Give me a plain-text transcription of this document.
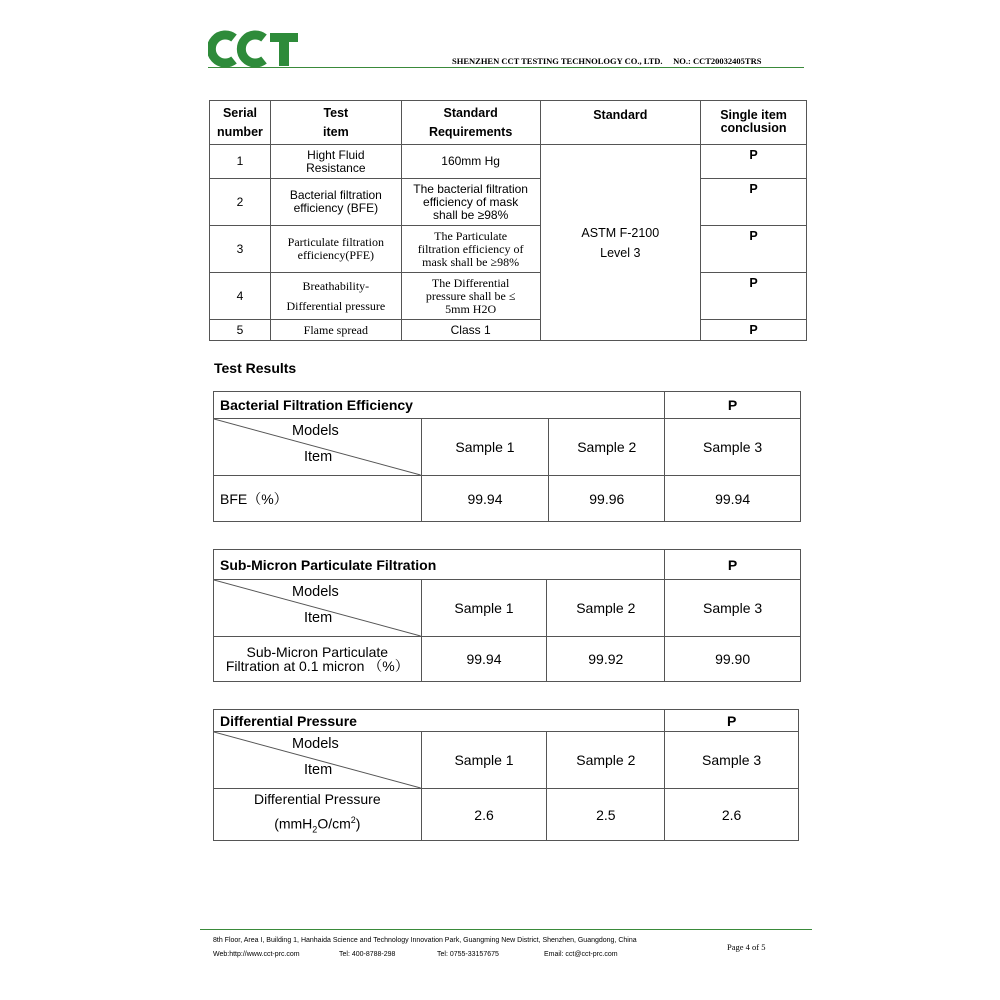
SHENZHEN CCT TESTING TECHNOLOGY CO., LTD. NO.: CCT20032405TRS
Serial
number	Test
item	Standard
Requirements	Standard	Single item
conclusion
1	Hight Fluid
Resistance	160mm Hg	ASTM F-2100
Level 3	P
2	Bacterial filtration
efficiency (BFE)	The bacterial filtration
efficiency of mask
shall be ≥98%		P
3	Particulate filtration
efficiency(PFE)	The Particulate
filtration efficiency of
mask shall be ≥98%		P
4	Breathability-
Differential pressure	The Differential
pressure shall be ≤
5mm H2O		P
5	Flame spread	Class 1		P
Test Results
Bacterial Filtration Efficiency			P

Models
Item	Sample 1	Sample 2	Sample 3
BFE（%）	99.94	99.96	99.94
Sub-Micron Particulate Filtration			P

Models
Item	Sample 1	Sample 2	Sample 3
Sub-Micron Particulate
Filtration at 0.1 micron （%）	99.94	99.92	99.90
Differential Pressure			P

Models
Item	Sample 1	Sample 2	Sample 3
Differential Pressure
$(mmH_2O/cm^2)$	2.6	2.5	2.6
8th Floor, Area I, Building 1, Hanhaida Science and Technology Innovation Park, Guangming New District, Shenzhen, Guangdong, China
Web:http://www.cct-prc.com	Tel: 400-8788-298	Tel: 0755-33157675	Email: cct@cct-prc.com
Page 4 of 5
